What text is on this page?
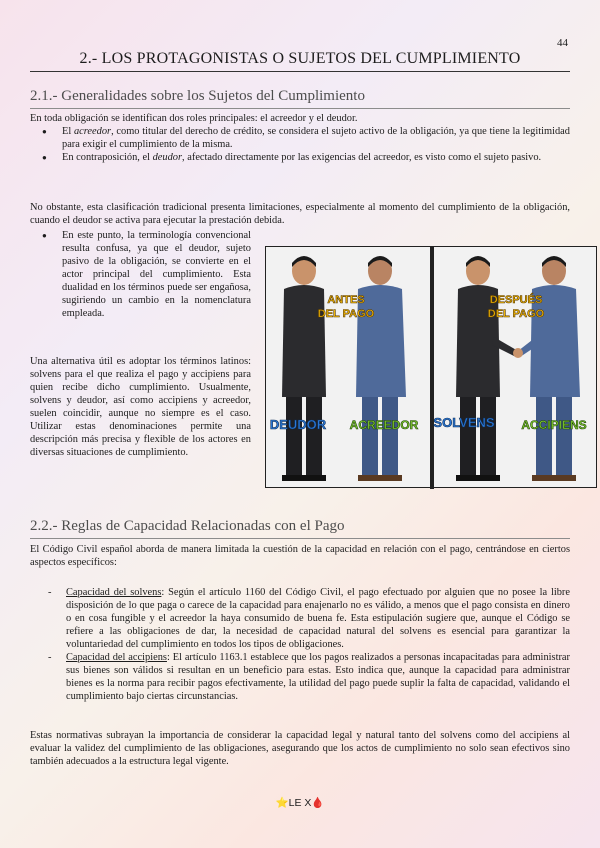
44
2.- LOS PROTAGONISTAS O SUJETOS DEL CUMPLIMIENTO
2.1.- Generalidades sobre los Sujetos del Cumplimiento

En toda obligación se identifican dos roles principales: el acreedor y el deudor.

● El acreedor, como titular del derecho de crédito, se considera el sujeto activo de la obligación, ya que tiene la legitimidad para exigir el cumplimiento de la misma.
● En contraposición, el deudor, afectado directamente por las exigencias del acreedor, es visto como el sujeto pasivo.

No obstante, esta clasificación tradicional presenta limitaciones, especialmente al momento del cumplimiento de la obligación, cuando el deudor se activa para ejecutar la prestación debida.

● En este punto, la terminología convencional resulta confusa, ya que el deudor, sujeto pasivo de la obligación, se convierte en el actor principal del cumplimiento. Esta dualidad en los términos puede ser engañosa, sugiriendo un cambio en la nomenclatura empleada.

Una alternativa útil es adoptar los términos latinos: solvens para el que realiza el pago y accipiens para quien recibe dicho cumplimiento. Usualmente, solvens y deudor, así como accipiens y acreedor, suelen coincidir, aunque no siempre es el caso. Utilizar estas denominaciones permite una descripción más precisa y flexible de los actores en diversas situaciones de cumplimiento.

ANTES
DEL PAGO
DESPUÉS
DEL PAGO
DEUDOR ACREEDOR SOLVENS ACCIPIENS
2.2.- Reglas de Capacidad Relacionadas con el Pago

El Código Civil español aborda de manera limitada la cuestión de la capacidad en relación con el pago, centrándose en ciertos aspectos específicos:

- Capacidad del solvens: Según el artículo 1160 del Código Civil, el pago efectuado por alguien que no posee la libre disposición de lo que paga o carece de la capacidad para enajenarlo no es válido, a menos que el pago consista en dinero o en cosa fungible y el acreedor la haya consumido de buena fe. Esta estipulación sugiere que, aunque el Código se refiere a las obligaciones de dar, la necesidad de capacidad natural del solvens es esencial para garantizar la voluntariedad del cumplimiento en todos los tipos de obligaciones.
- Capacidad del accipiens: El artículo 1163.1 establece que los pagos realizados a personas incapacitadas para administrar sus bienes son válidos si resultan en un beneficio para estas. Esto indica que, aunque la capacidad para administrar bienes es la norma para recibir pagos efectivamente, la utilidad del pago puede suplir la falta de capacidad, validando el cumplimiento bajo ciertas circunstancias.

Estas normativas subrayan la importancia de considerar la capacidad legal y natural tanto del solvens como del accipiens al evaluar la validez del cumplimiento de las obligaciones, asegurando que los actos de cumplimiento no solo sean efectivos sino también adecuados a la estructura legal vigente.

⭐LE X🩸
